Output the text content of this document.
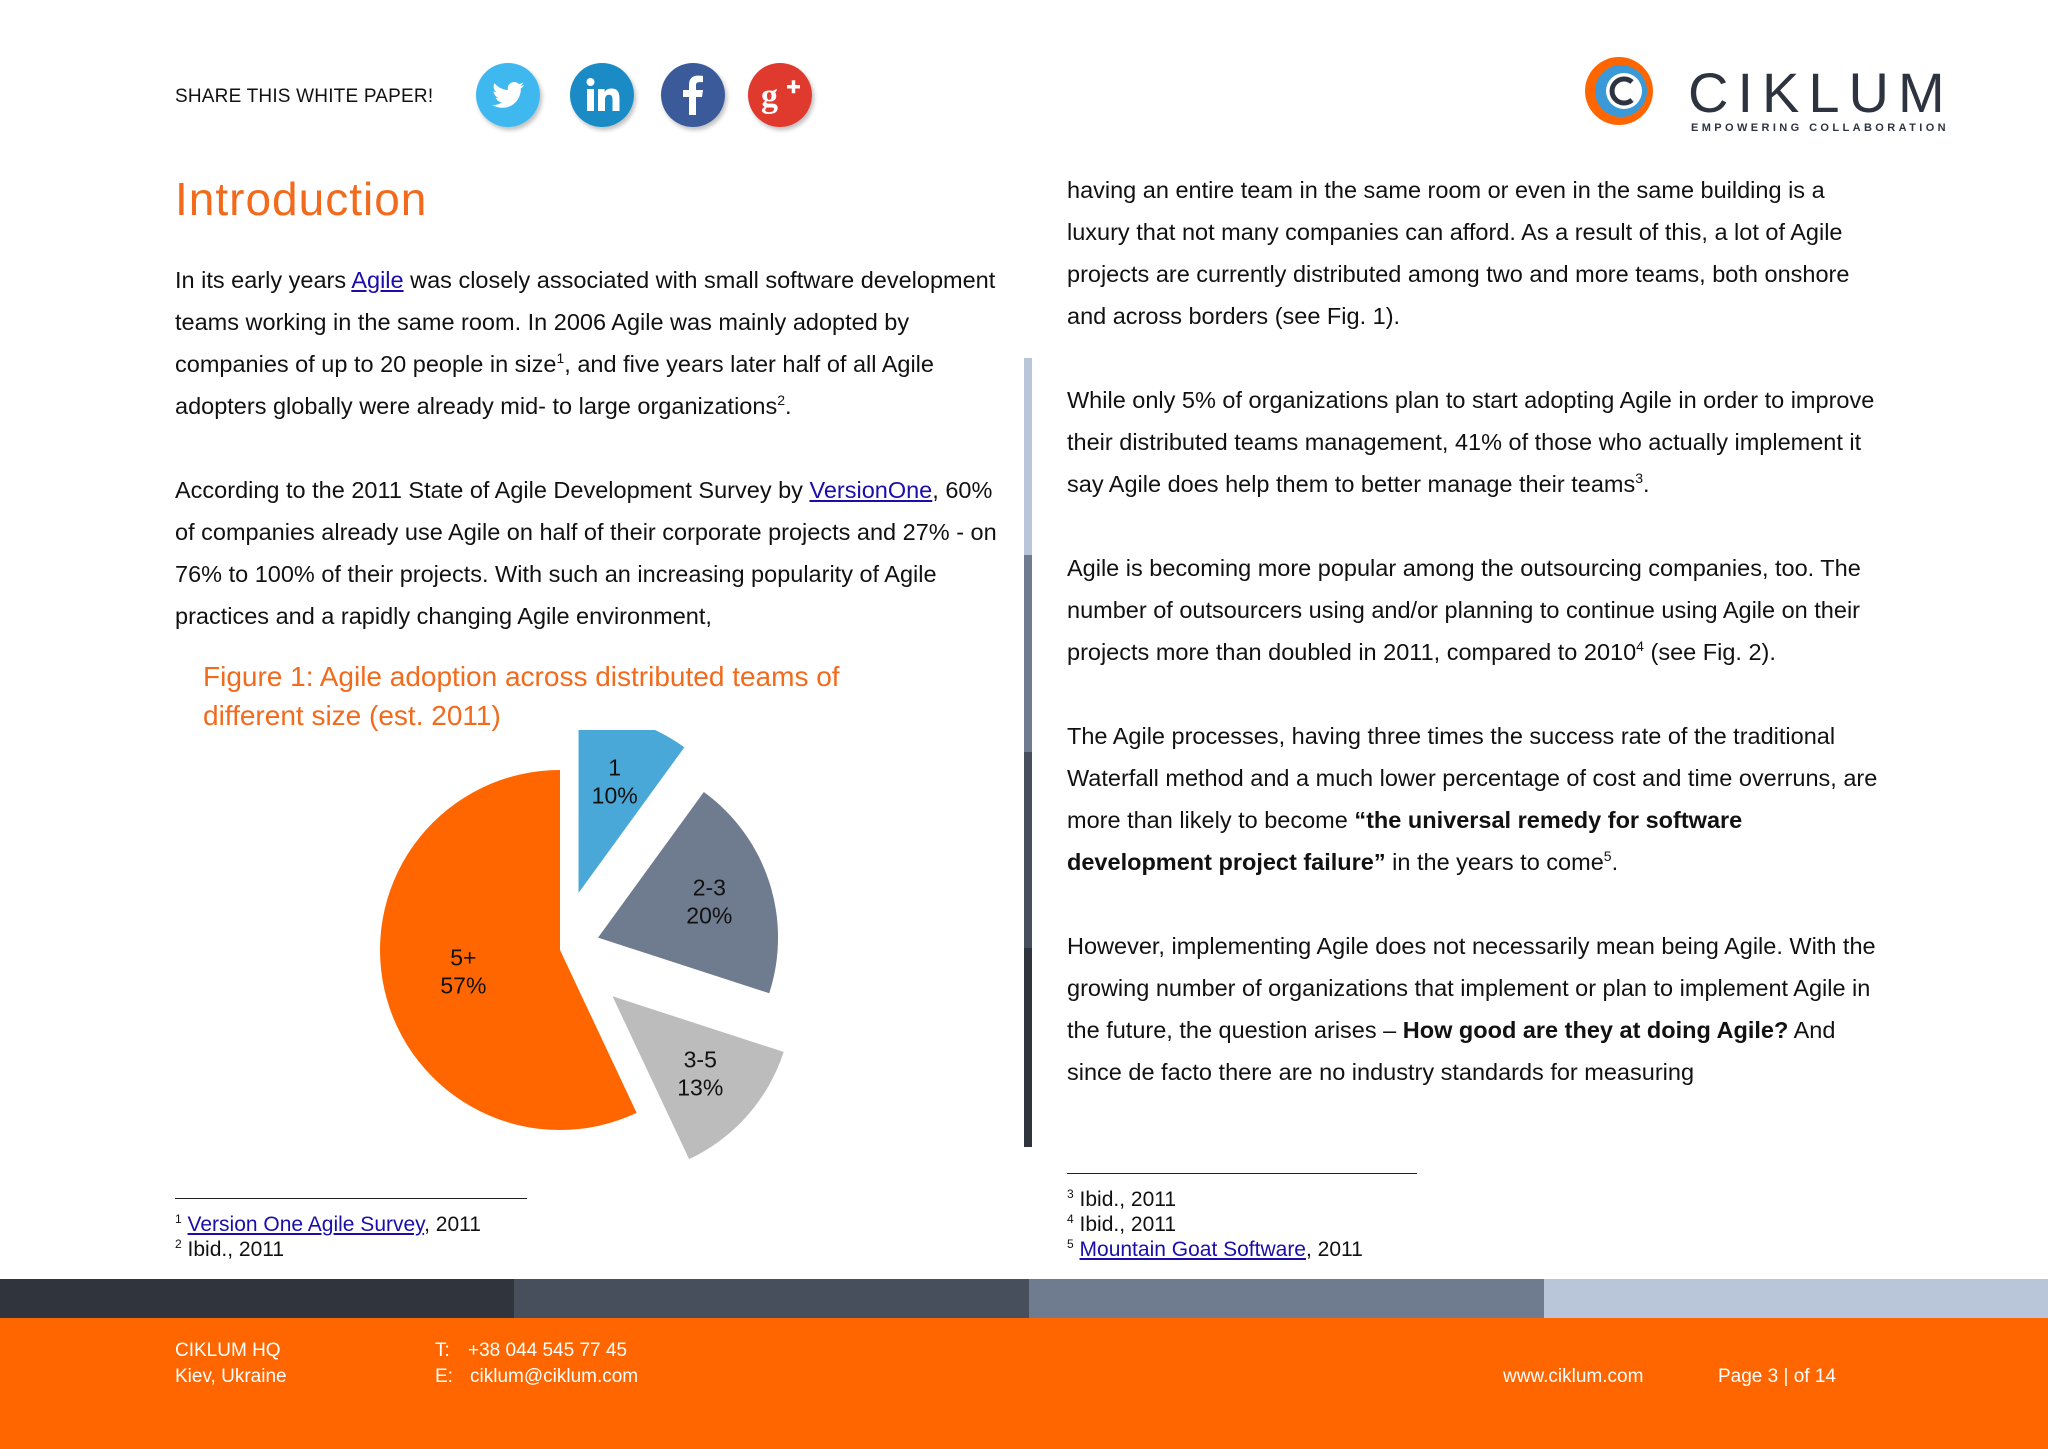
SHARE THIS WHITE PAPER!	g	CIKLUM
EMPOWERING COLLABORATION
Introduction

In its early years Agile was closely associated with small software development teams working in the same room. In 2006 Agile was mainly adopted by companies of up to 20 people in size$^1$, and five years later half of all Agile adopters globally were already mid- to large organizations$^2$.

According to the 2011 State of Agile Development Survey by VersionOne, 60% of companies already use Agile on half of their corporate projects and 27% - on 76% to 100% of their projects. With such an increasing popularity of Agile practices and a rapidly changing Agile environment,

Figure 1: Agile adoption across distributed teams of different size (est. 2011)
1
10%
2-3
20%
3-5
13%
5+
57%

having an entire team in the same room or even in the same building is a luxury that not many companies can afford. As a result of this, a lot of Agile projects are currently distributed among two and more teams, both onshore and across borders (see Fig. 1).

While only 5% of organizations plan to start adopting Agile in order to improve their distributed teams management, 41% of those who actually implement it say Agile does help them to better manage their teams$^3$.

Agile is becoming more popular among the outsourcing companies, too. The number of outsourcers using and/or planning to continue using Agile on their projects more than doubled in 2011, compared to 2010$^4$ (see Fig. 2).

The Agile processes, having three times the success rate of the traditional Waterfall method and a much lower percentage of cost and time overruns, are more than likely to become “the universal remedy for software development project failure” in the years to come$^5$.

However, implementing Agile does not necessarily mean being Agile. With the growing number of organizations that implement or plan to implement Agile in the future, the question arises – How good are they at doing Agile? And since de facto there are no industry standards for measuring

$^1$ Version One Agile Survey, 2011
$^2$ Ibid., 2011
$^3$ Ibid., 2011
$^4$ Ibid., 2011
$^5$ Mountain Goat Software, 2011
CIKLUM HQ
Kiev, Ukraine
T: +38 044 545 77 45
E: ciklum@ciklum.com	www.ciklum.com	Page 3 | of 14
